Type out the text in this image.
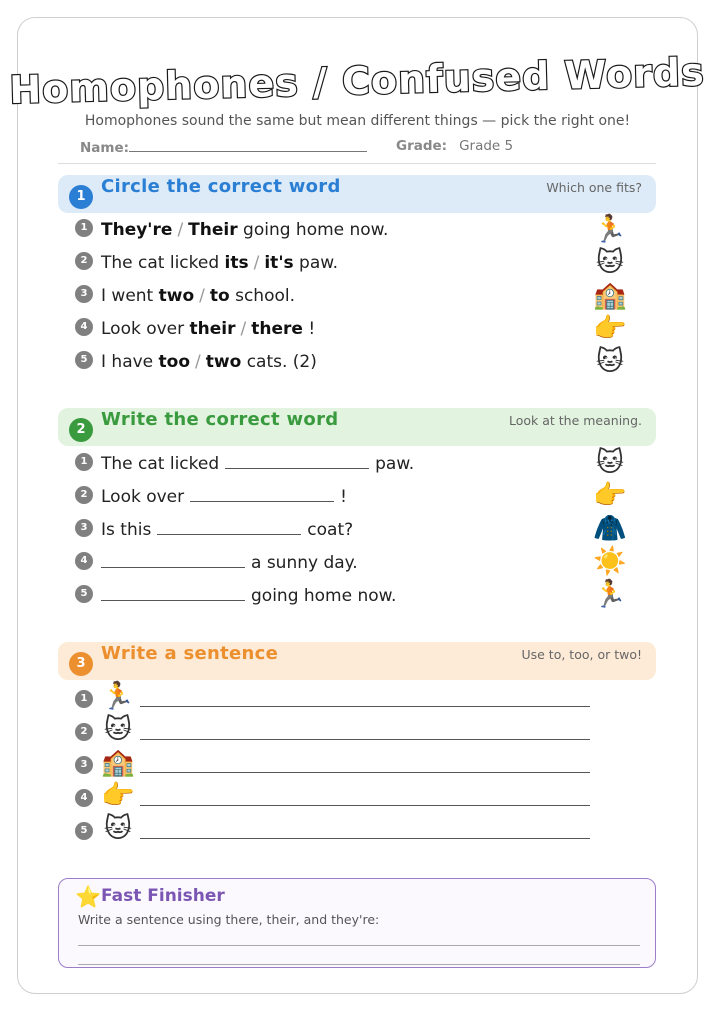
Homophones / Confused Words
Homophones sound the same but mean different things — pick the right one!
Name:	Grade: Grade 5
1 Circle the correct word	Which one fits?
1 They're / Their going home now.	🏃
2 The cat licked its / it's paw.	🐱
3 I went two / to school.	🏫
4 Look over their / there !	👉
5 I have too / two cats. (2)	🐱
2 Write the correct word	Look at the meaning.
1 The cat licked	paw.	🐱
2 Look over	!	👉
3 Is this	coat?	🧥
4	a sunny day.	☀️
5	going home now.	🏃
3 Write a sentence	Use to, too, or two!
1 🏃
2 🐱
3 🏫
4 👉
5 🐱
⭐ Fast Finisher
Write a sentence using there, their, and they're:
